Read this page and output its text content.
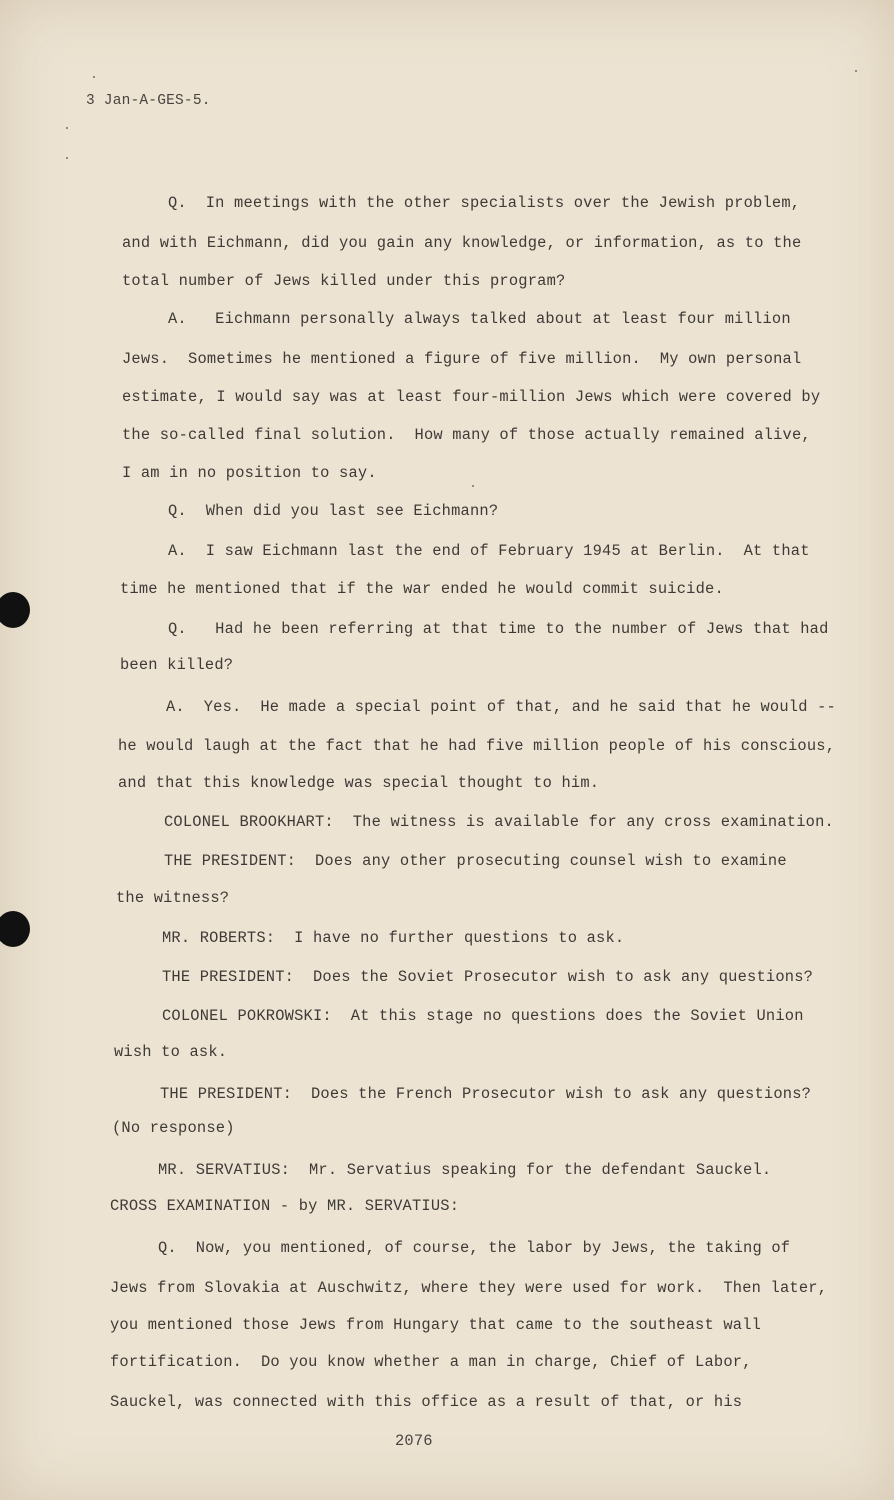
3 Jan-A-GES-5.
Q.  In meetings with the other specialists over the Jewish problem,
and with Eichmann, did you gain any knowledge, or information, as to the
total number of Jews killed under this program?
A.   Eichmann personally always talked about at least four million
Jews.  Sometimes he mentioned a figure of five million.  My own personal
estimate, I would say was at least four-million Jews which were covered by
the so-called final solution.  How many of those actually remained alive,
I am in no position to say.
Q.  When did you last see Eichmann?
A.  I saw Eichmann last the end of February 1945 at Berlin.  At that
time he mentioned that if the war ended he would commit suicide.
Q.   Had he been referring at that time to the number of Jews that had
been killed?
A.  Yes.  He made a special point of that, and he said that he would --
he would laugh at the fact that he had five million people of his conscious,
and that this knowledge was special thought to him.
COLONEL BROOKHART:  The witness is available for any cross examination.
THE PRESIDENT:  Does any other prosecuting counsel wish to examine
the witness?
MR. ROBERTS:  I have no further questions to ask.
THE PRESIDENT:  Does the Soviet Prosecutor wish to ask any questions?
COLONEL POKROWSKI:  At this stage no questions does the Soviet Union
wish to ask.
THE PRESIDENT:  Does the French Prosecutor wish to ask any questions?
(No response)
MR. SERVATIUS:  Mr. Servatius speaking for the defendant Sauckel.
CROSS EXAMINATION - by MR. SERVATIUS:
Q.  Now, you mentioned, of course, the labor by Jews, the taking of
Jews from Slovakia at Auschwitz, where they were used for work.  Then later,
you mentioned those Jews from Hungary that came to the southeast wall
fortification.  Do you know whether a man in charge, Chief of Labor,
Sauckel, was connected with this office as a result of that, or his
2076
